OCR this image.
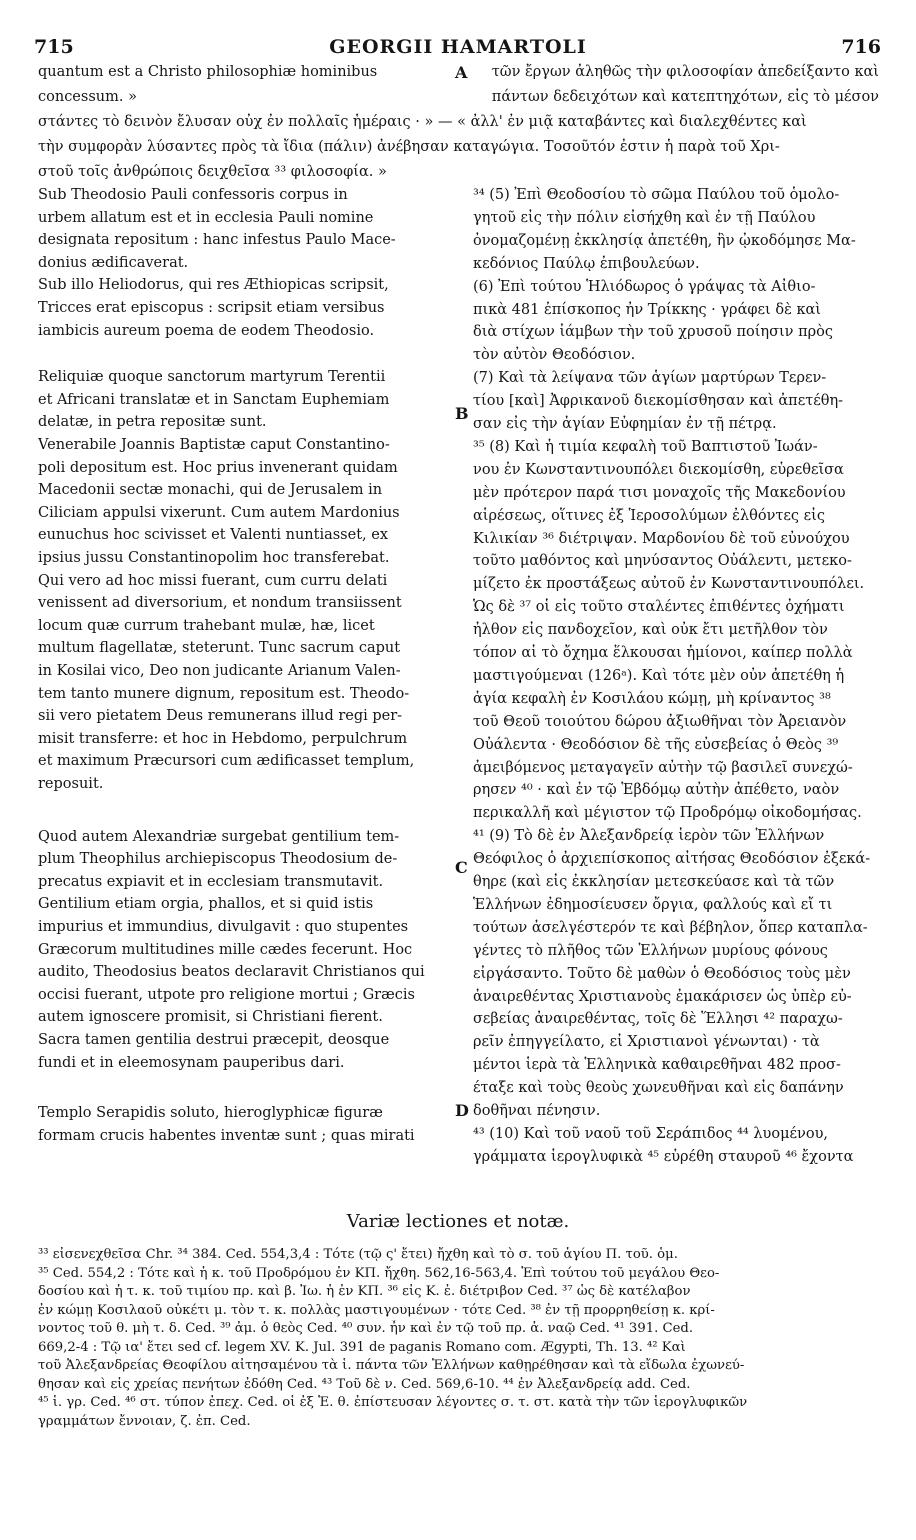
715	GEORGII HAMARTOLI	716
quantum est a Christo philosophiæ hominibus
concessum. »
στάντες τὸ δεινὸν ἔλυσαν οὐχ ἐν πολλαῖς ἡμέραις · » — « ἀλλ' ἐν μιᾷ καταβάντες καὶ διαλεχθέντες καὶ
τὴν συμφορὰν λύσαντες πρὸς τὰ ἴδια (πάλιν) ἀνέβησαν καταγώγια. Τοσοῦτόν ἐστιν ἡ παρὰ τοῦ Χρι-
στοῦ τοῖς ἀνθρώποις δειχθεῖσα ³³ φιλοσοφία. »
τῶν ἔργων ἀληθῶς τὴν φιλοσοφίαν ἀπεδείξαντο καὶ
πάντων δεδειχότων καὶ κατεπτηχότων, εἰς τὸ μέσον
Sub Theodosio Pauli confessoris corpus in
urbem allatum est et in ecclesia Pauli nomine
designata repositum : hanc infestus Paulo Mace-
donius ædificaverat.
Sub illo Heliodorus, qui res Æthiopicas scripsit,
Tricces erat episcopus : scripsit etiam versibus
iambicis aureum poema de eodem Theodosio.
Reliquiæ quoque sanctorum martyrum Terentii
et Africani translatæ et in Sanctam Euphemiam
delatæ, in petra repositæ sunt.
Venerabile Joannis Baptistæ caput Constantino-
poli depositum est. Hoc prius invenerant quidam
Macedonii sectæ monachi, qui de Jerusalem in
Ciliciam appulsi vixerunt. Cum autem Mardonius
eunuchus hoc scivisset et Valenti nuntiasset, ex
ipsius jussu Constantinopolim hoc transferebat.
Qui vero ad hoc missi fuerant, cum curru delati
venissent ad diversorium, et nondum transiissent
locum quæ currum trahebant mulæ, hæ, licet
multum flagellatæ, steterunt. Tunc sacrum caput
in Kosilai vico, Deo non judicante Arianum Valen-
tem tanto munere dignum, repositum est. Theodo-
sii vero pietatem Deus remunerans illud regi per-
misit transferre: et hoc in Hebdomo, perpulchrum
et maximum Præcursori cum ædificasset templum,
reposuit.
Quod autem Alexandriæ surgebat gentilium tem-
plum Theophilus archiepiscopus Theodosium de-
precatus expiavit et in ecclesiam transmutavit.
Gentilium etiam orgia, phallos, et si quid istis
impurius et immundius, divulgavit : quo stupentes
Græcorum multitudines mille cædes fecerunt. Hoc
audito, Theodosius beatos declaravit Christianos qui
occisi fuerant, utpote pro religione mortui ; Græcis
autem ignoscere promisit, si Christiani fierent.
Sacra tamen gentilia destrui præcepit, deosque
fundi et in eleemosynam pauperibus dari.
Templo Serapidis soluto, hieroglyphicæ figuræ
formam crucis habentes inventæ sunt ; quas mirati
³⁴ (5) Ἐπὶ Θεοδοσίου τὸ σῶμα Παύλου τοῦ ὁμολο-
γητοῦ εἰς τὴν πόλιν εἰσήχθη καὶ ἐν τῇ Παύλου
ὀνομαζομένῃ ἐκκλησίᾳ ἀπετέθη, ἣν ᾠκοδόμησε Μα-
κεδόνιος Παύλῳ ἐπιβουλεύων.
(6) Ἐπὶ τούτου Ἡλιόδωρος ὁ γράψας τὰ Αἰθιο-
πικὰ 481 ἐπίσκοπος ἦν Τρίκκης · γράφει δὲ καὶ
διὰ στίχων ἰάμβων τὴν τοῦ χρυσοῦ ποίησιν πρὸς
τὸν αὐτὸν Θεοδόσιον.
(7) Καὶ τὰ λείψανα τῶν ἁγίων μαρτύρων Τερεν-
τίου [καὶ] Ἀφρικανοῦ διεκομίσθησαν καὶ ἀπετέθη-
σαν εἰς τὴν ἁγίαν Εὐφημίαν ἐν τῇ πέτρᾳ.
³⁵ (8) Καὶ ἡ τιμία κεφαλὴ τοῦ Βαπτιστοῦ Ἰωάν-
νου ἐν Κωνσταντινουπόλει διεκομίσθη, εὑρεθεῖσα
μὲν πρότερον παρά τισι μοναχοῖς τῆς Μακεδονίου
αἱρέσεως, οἵτινες ἐξ Ἱεροσολύμων ἐλθόντες εἰς
Κιλικίαν ³⁶ διέτριψαν. Μαρδονίου δὲ τοῦ εὐνούχου
τοῦτο μαθόντος καὶ μηνύσαντος Οὐάλεντι, μετεκο-
μίζετο ἐκ προστάξεως αὐτοῦ ἐν Κωνσταντινουπόλει.
Ὡς δὲ ³⁷ οἱ εἰς τοῦτο σταλέντες ἐπιθέντες ὀχήματι
ἦλθον εἰς πανδοχεῖον, καὶ οὐκ ἔτι μετῆλθον τὸν
τόπον αἱ τὸ ὄχημα ἕλκουσαι ἡμίονοι, καίπερ πολλὰ
μαστιγούμεναι (126ᵃ). Καὶ τότε μὲν οὖν ἀπετέθη ἡ
ἁγία κεφαλὴ ἐν Κοσιλάου κώμῃ, μὴ κρίναντος ³⁸
τοῦ Θεοῦ τοιούτου δώρου ἀξιωθῆναι τὸν Ἀρειανὸν
Οὐάλεντα · Θεοδόσιον δὲ τῆς εὐσεβείας ὁ Θεὸς ³⁹
ἀμειβόμενος μεταγαγεῖν αὐτὴν τῷ βασιλεῖ συνεχώ-
ρησεν ⁴⁰ · καὶ ἐν τῷ Ἑβδόμῳ αὐτὴν ἀπέθετο, ναὸν
περικαλλῆ καὶ μέγιστον τῷ Προδρόμῳ οἰκοδομήσας.
⁴¹ (9) Τὸ δὲ ἐν Ἀλεξανδρείᾳ ἱερὸν τῶν Ἑλλήνων
Θεόφιλος ὁ ἀρχιεπίσκοπος αἰτήσας Θεοδόσιον ἐξεκά-
θηρε (καὶ εἰς ἐκκλησίαν μετεσκεύασε καὶ τὰ τῶν
Ἑλλήνων ἐδημοσίευσεν ὄργια, φαλλούς καὶ εἴ τι
τούτων ἀσελγέστερόν τε καὶ βέβηλον, ὅπερ καταπλα-
γέντες τὸ πλῆθος τῶν Ἑλλήνων μυρίους φόνους
εἰργάσαντο. Τοῦτο δὲ μαθὼν ὁ Θεοδόσιος τοὺς μὲν
ἀναιρεθέντας Χριστιανοὺς ἐμακάρισεν ὡς ὑπὲρ εὐ-
σεβείας ἀναιρεθέντας, τοῖς δὲ Ἕλλησι ⁴² παραχω-
ρεῖν ἐπηγγείλατο, εἰ Χριστιανοὶ γένωνται) · τὰ
μέντοι ἱερὰ τὰ Ἑλληνικὰ καθαιρεθῆναι 482 προσ-
έταξε καὶ τοὺς θεοὺς χωνευθῆναι καὶ εἰς δαπάνην
δοθῆναι πένησιν.
⁴³ (10) Καὶ τοῦ ναοῦ τοῦ Σεράπιδος ⁴⁴ λυομένου,
γράμματα ἱερογλυφικὰ ⁴⁵ εὑρέθη σταυροῦ ⁴⁶ ἔχοντα
A
B
C
D
Variæ lectiones et notæ.
³³ εἰσενεχθεῖσα Chr. ³⁴ 384. Ced. 554,3,4 : Τότε (τῷ ς' ἔτει) ἤχθη καὶ τὸ σ. τοῦ ἁγίου Π. τοῦ. ὁμ.
³⁵ Ced. 554,2 : Τότε καὶ ἡ κ. τοῦ Προδρόμου ἐν ΚΠ. ἤχθη. 562,16-563,4. Ἐπὶ τούτου τοῦ μεγάλου Θεο-
δοσίου καὶ ἡ τ. κ. τοῦ τιμίου πρ. καὶ β. Ἰω. ἡ ἐν ΚΠ. ³⁶ εἰς Κ. ἐ. διέτριβον Ced. ³⁷ ὡς δὲ κατέλαβον
ἐν κώμῃ Κοσιλαοῦ οὐκέτι μ. τὸν τ. κ. πολλὰς μαστιγουμένων · τότε Ced. ³⁸ ἐν τῇ προρρηθείσῃ κ. κρί-
νοντος τοῦ θ. μὴ τ. δ. Ced. ³⁹ ἀμ. ὁ θεὸς Ced. ⁴⁰ συν. ἦν καὶ ἐν τῷ τοῦ πρ. ἁ. ναῷ Ced. ⁴¹ 391. Ced.
669,2-4 : Τῷ ια' ἔτει sed cf. legem XV. K. Jul. 391 de paganis Romano com. Ægypti, Th. 13. ⁴² Καὶ
τοῦ Ἀλεξανδρείας Θεοφίλου αἰτησαμένου τὰ ἱ. πάντα τῶν Ἑλλήνων καθῃρέθησαν καὶ τὰ εἴδωλα ἐχωνεύ-
θησαν καὶ εἰς χρείας πενήτων ἐδόθη Ced. ⁴³ Τοῦ δὲ ν. Ced. 569,6-10. ⁴⁴ ἐν Ἀλεξανδρείᾳ add. Ced.
⁴⁵ ἱ. γρ. Ced. ⁴⁶ στ. τύπον ἐπεχ. Ced. οἱ ἐξ Ἑ. θ. ἐπίστευσαν λέγοντες σ. τ. στ. κατὰ τὴν τῶν ἱερογλυφικῶν
γραμμάτων ἔννοιαν, ζ. ἐπ. Ced.
